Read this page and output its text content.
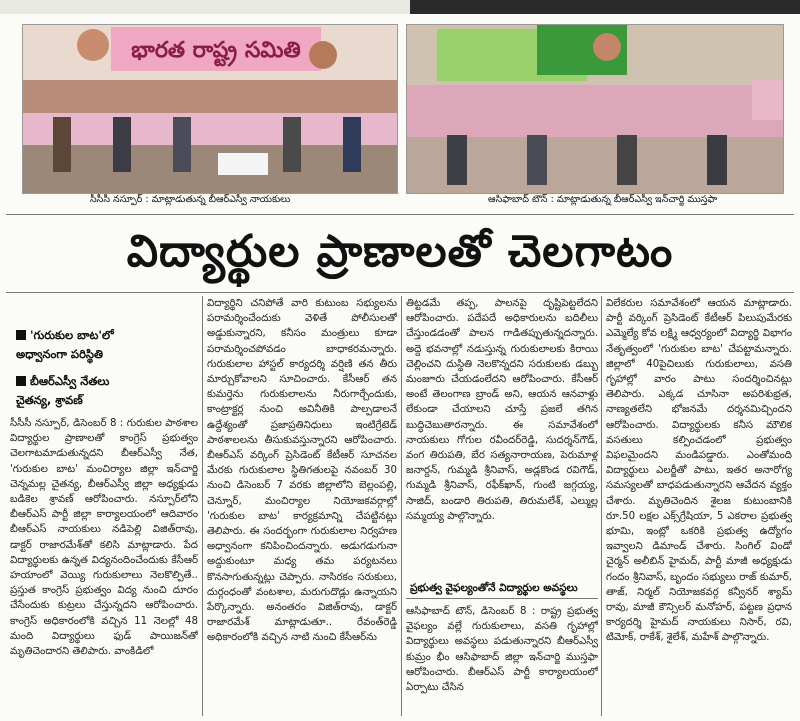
భారత రాష్ట్ర సమితి
సీసీసీ నస్పూర్ : మాట్లాడుతున్న బీఆర్ఎస్వీ నాయకులు	ఆసిఫాబాద్ టౌన్ : మాట్లాడుతున్న బీఆర్ఎస్వీ ఇన్‌చార్జి ముస్తఫా
విద్యార్థుల ప్రాణాలతో చెలగాటం
'గురుకుల బాట'లో అధ్వానంగా పరిస్థితి
బీఆర్ఎస్వీ నేతలు చైతన్య, శ్రావణ్

సీసీసీ నస్పూర్, డిసెంబర్ 8 : గురుకుల పాఠశాల విద్యార్థుల ప్రాణాలతో కాంగ్రెస్ ప్రభుత్వం చెలగాటమాడుతున్నదని బీఆర్ఎస్వీ నేత, 'గురుకుల బాట' మంచిర్యాల జిల్లా ఇన్‌చార్జి చెన్నమల్ల చైతన్య, బీఆర్ఎస్వీ జిల్లా అధ్యక్షుడు బడికెల శ్రావణ్ ఆరోపించారు. నస్పూర్‌లోని బీఆర్ఎస్ పార్టీ జిల్లా కార్యాలయంలో ఆదివారం బీఆర్ఎస్ నాయకులు నడిపెల్లి విజిత్‌రావు, డాక్టర్ రాజారమేశ్‌తో కలిసి మాట్లాడారు. పేద విద్యార్థులకు ఉన్నత విద్యనందించేందుకు కేసీఆర్ హయాంలో వెయ్యి గురుకులాలు నెలకొల్పితే.. ప్రస్తుత కాంగ్రెస్ ప్రభుత్వం విద్య నుంచి దూరం చేసేందుకు కుట్రలు చేస్తున్నదని ఆరోపించారు. కాంగ్రెస్ అధికారంలోకి వచ్చిన 11 నెలల్లో 48 మంది విద్యార్థులు ఫుడ్ పాయిజన్‌తో మృతిచెందారని తెలిపారు. వాంకిడిలో

విద్యార్థిని చనిపోతే వారి కుటుంబ సభ్యులను పరామర్శించేందుకు వెళితే పోలీసులతో అడ్డుకున్నారని, కనీసం మంత్రులు కూడా పరామర్శించపోవడం బాధాకరమన్నారు. గురుకులాల హాస్టల్ కార్యదర్శి వర్షిణి తన తీరు మార్చుకోవాలని సూచించారు. కేసీఆర్ తన కుమర్తెను గురుకులాలను నీరుగార్చేందుకు, కాంట్రాక్టర్ల నుంచి అవినీతికి పాల్పడాలనే ఉద్దేశ్యంతో ప్రజాప్రతినిధులు ఇంటిగ్రేటెడ్ పాఠశాలలను తీసుకువస్తున్నారని ఆరోపించారు. బీఆర్ఎస్ వర్కింగ్ ప్రెసిడెంట్ కేటీఆర్ సూచనల మేరకు గురుకులాల స్థితిగతులపై నవంబర్ 30 నుంచి డిసెంబర్ 7 వరకు జిల్లాలోని బెల్లంపల్లి, చెన్నూర్, మంచిర్యాల నియోజకవర్గాల్లో 'గురుకుల బాట' కార్యక్రమాన్ని చేపట్టినట్లు తెలిపారు. ఈ సందర్భంగా గురుకులాల నిర్వహణ అధ్వానంగా కనిపించిందన్నారు. అడుగడుగునా అద్దుకుంటూ మధ్య తమ పర్యటనలు కొనసాగుతున్నట్లు చెప్పారు. నాసిరకం సరుకులు, దుర్గంధంతో వంటశాల, మరుగుదొడ్లు ఉన్నాయని పేర్కొన్నారు. అనంతరం విజిత్‌రావు, డాక్టర్ రాజారమేశ్ మాట్లాడుతూ.. రేవంత్‌రెడ్డి అధికారంలోకి వచ్చిన నాటి నుంచి కేసీఆర్‌ను

తిట్టడమే తప్ప, పాలనపై దృష్టిపెట్టలేదని ఆరోపించారు. పదేపదే అధికారులను బదిలీలు చేస్తుండడంతో పాలన గాడితప్పుతున్నదన్నారు. అద్దె భవనాల్లో నడుస్తున్న గురుకులాలకు కిరాయి చెల్లించని దుస్థితి నెలకొన్నదని సరుకులకు డబ్బు మంజూరు చేయడంలేదని ఆరోపించారు. కేసీఆర్ అంటే తెలంగాణ బ్రాండ్ అని, ఆయన ఆనవాళ్లు లేకుండా చేయాలని చూస్తే ప్రజలే తగిన బుద్ధిచెబుతారన్నారు. ఈ సమావేశంలో నాయకులు గోగుల రవీందర్‌రెడ్డి, సుదర్శన్‌గౌడ్, వంగ తిరుపతి, బేర సత్యనారాయణ, పెరుమాళ్ల జనార్దన్, గుమ్మడి శ్రీనివాస్, అడ్లకొండ రవిగౌడ్, గుమ్మడి శ్రీనివాస్, రఫీక్‌ఖాన్, గుంటి జగ్గయ్య, సాజిద్, బండారి తిరుపతి, తిరుమలేశ్, ఎల్ముల్ల సమ్మయ్య పాల్గొన్నారు.

ప్రభుత్వ వైఫల్యంతోనే విద్యార్థుల అవస్థలు

ఆసిఫాబాద్ టౌన్, డిసెంబర్ 8 : రాష్ట్ర ప్రభుత్వ వైఫల్యం వల్లే గురుకులాలు, వసతి గృహాల్లో విద్యార్థులు అవస్థలు పడుతున్నారని బీఆర్ఎస్వీ కుమ్రం భీం ఆసిఫాబాద్ జిల్లా ఇన్‌చార్జి ముస్తఫా ఆరోపించారు. బీఆర్ఎస్ పార్టీ కార్యాలయంలో ఏర్పాటు చేసిన

విలేకరుల సమావేశంలో ఆయన మాట్లాడారు. పార్టీ వర్కింగ్ ప్రెసిడెంట్ కేటీఆర్ పిలుపుమేరకు ఎమ్మెల్యే కోవ లక్ష్మి ఆధ్వర్యంలో విద్యార్థి విభాగం నేతృత్వంలో 'గురుకుల బాట' చేపట్టామన్నారు. జిల్లాలో 40పైచిలుకు గురుకులాలు, వసతి గృహాల్లో వారం పాటు సందర్శించినట్లు తెలిపారు. ఎక్కడ చూసినా అపరిశుభ్రత, నాణ్యతలేని భోజనమే దర్శనమిచ్చిందని ఆరోపించారు. విద్యార్థులకు కనీస మౌలిక వసతులు కల్పించడంలో ప్రభుత్వం విఫలమైందని మండిపడ్డారు. ఎంతోమంది విద్యార్థులు ఎలర్జీతో పాటు, ఇతర అనారోగ్య సమస్యలతో బాధపడుతున్నారని ఆవేదన వ్యక్తం చేశారు. మృతిచెందిన శైలజ కుటుంబానికి రూ.50 లక్షల ఎక్స్‌గ్రేషియా, 5 ఎకరాల ప్రభుత్వ భూమి, ఇంట్లో ఒకరికి ప్రభుత్వ ఉద్యోగం ఇవ్వాలని డిమాండ్ చేశారు. సింగిల్ విండో చైర్మన్ అలీబిన్ హైమద్, పార్టీ మాజీ అధ్యక్షుడు గందం శ్రీనివాస్, బృందం సభ్యులు రాజ్ కుమార్, తాజ్, నిర్మల్ నియోజకవర్గ కన్వీనర్ శ్యామ్ రావు, మాజీ కౌన్సిలర్ మనోహర్, పట్టణ ప్రధాన కార్యదర్శి హైమద్ నాయకులు నిసార్, రవి, టిమోక్, రాకేశ్, శైలేశ్, మహేశ్ పాల్గొన్నారు.
